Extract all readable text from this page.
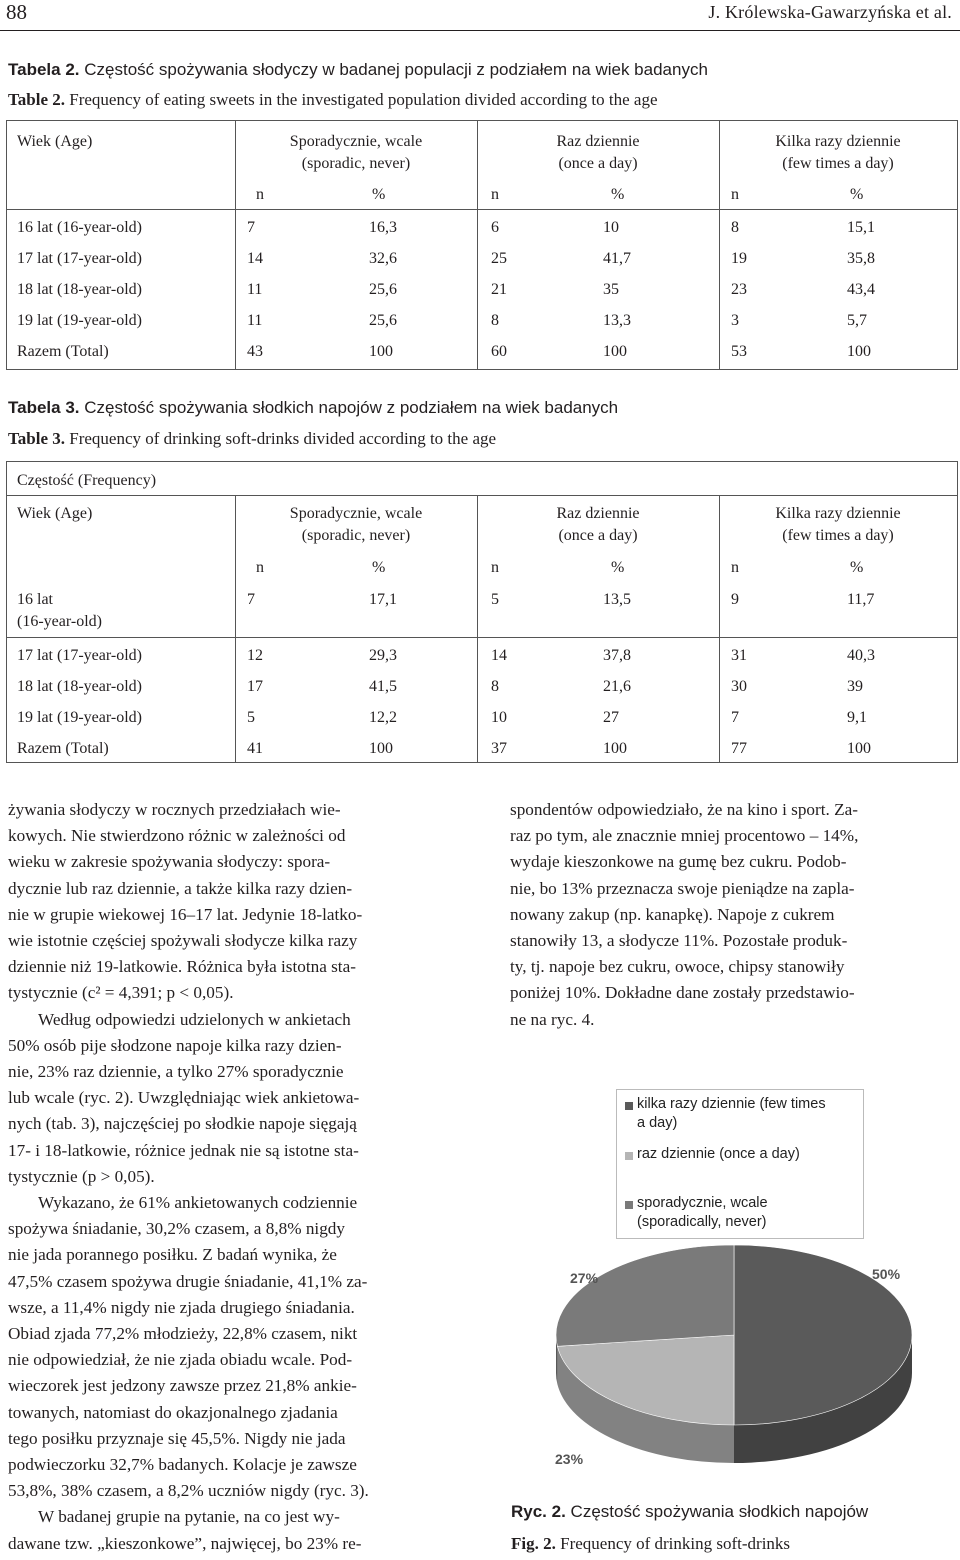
88	J. Królewska-Gawarzyńska et al.
Tabela 2. Częstość spożywania słodyczy w badanej populacji z podziałem na wiek badanych
Table 2. Frequency of eating sweets in the investigated population divided according to the age
Wiek (Age)	Sporadycznie, wcale
(sporadic, never)
Raz dziennie
(once a day)
Kilka razy dziennie
(few times a day)
n	%	n	%	n	%
16 lat (16-year-old)	7	16,3	6	10	8	15,1
17 lat (17-year-old)	14	32,6	25	41,7	19	35,8
18 lat (18-year-old)	11	25,6	21	35	23	43,4
19 lat (19-year-old)	11	25,6	8	13,3	3	5,7
Razem (Total)	43	100	60	100	53	100
Tabela 3. Częstość spożywania słodkich napojów z podziałem na wiek badanych
Table 3. Frequency of drinking soft-drinks divided according to the age
Częstość (Frequency)
Wiek (Age)	Sporadycznie, wcale
(sporadic, never)
Raz dziennie
(once a day)
Kilka razy dziennie
(few times a day)
n	%	n	%	n	%
16 lat
(16-year-old)
7	17,1	5	13,5	9	11,7
17 lat (17-year-old)	12	29,3	14	37,8	31	40,3
18 lat (18-year-old)	17	41,5	8	21,6	30	39
19 lat (19-year-old)	5	12,2	10	27	7	9,1
Razem (Total)	41	100	37	100	77	100
żywania słodyczy w rocznych przedziałach wie-
kowych. Nie stwierdzono różnic w zależności od
wieku w zakresie spożywania słodyczy: spora-
dycznie lub raz dziennie, a także kilka razy dzien-
nie w grupie wiekowej 16–17 lat. Jedynie 18-latko-
wie istotnie częściej spożywali słodycze kilka razy
dziennie niż 19-latkowie. Różnica była istotna sta-
tystycznie (c² = 4,391; p < 0,05).
Według odpowiedzi udzielonych w ankietach
50% osób pije słodzone napoje kilka razy dzien-
nie, 23% raz dziennie, a tylko 27% sporadycznie
lub wcale (ryc. 2). Uwzględniając wiek ankietowa-
nych (tab. 3), najczęściej po słodkie napoje sięgają
17- i 18-latkowie, różnice jednak nie są istotne sta-
tystycznie (p > 0,05).
Wykazano, że 61% ankietowanych codziennie
spożywa śniadanie, 30,2% czasem, a 8,8% nigdy
nie jada porannego posiłku. Z badań wynika, że
47,5% czasem spożywa drugie śniadanie, 41,1% za-
wsze, a 11,4% nigdy nie zjada drugiego śniadania.
Obiad zjada 77,2% młodzieży, 22,8% czasem, nikt
nie odpowiedział, że nie zjada obiadu wcale. Pod-
wieczorek jest jedzony zawsze przez 21,8% ankie-
towanych, natomiast do okazjonalnego zjadania
tego posiłku przyznaje się 45,5%. Nigdy nie jada
podwieczorku 32,7% badanych. Kolacje je zawsze
53,8%, 38% czasem, a 8,2% uczniów nigdy (ryc. 3).
W badanej grupie na pytanie, na co jest wy-
dawane tzw. „kieszonkowe”, najwięcej, bo 23% re-
spondentów odpowiedziało, że na kino i sport. Za-
raz po tym, ale znacznie mniej procentowo – 14%,
wydaje kieszonkowe na gumę bez cukru. Podob-
nie, bo 13% przeznacza swoje pieniądze na zapla-
nowany zakup (np. kanapkę). Napoje z cukrem
stanowiły 13, a słodycze 11%. Pozostałe produk-
ty, tj. napoje bez cukru, owoce, chipsy stanowiły
poniżej 10%. Dokładne dane zostały przedstawio-
ne na ryc. 4.
kilka razy dziennie (few times
a day)
raz dziennie (once a day)
sporadycznie, wcale
(sporadically, never)
50%
23%
27%
Ryc. 2. Częstość spożywania słodkich napojów
Fig. 2. Frequency of drinking soft-drinks
